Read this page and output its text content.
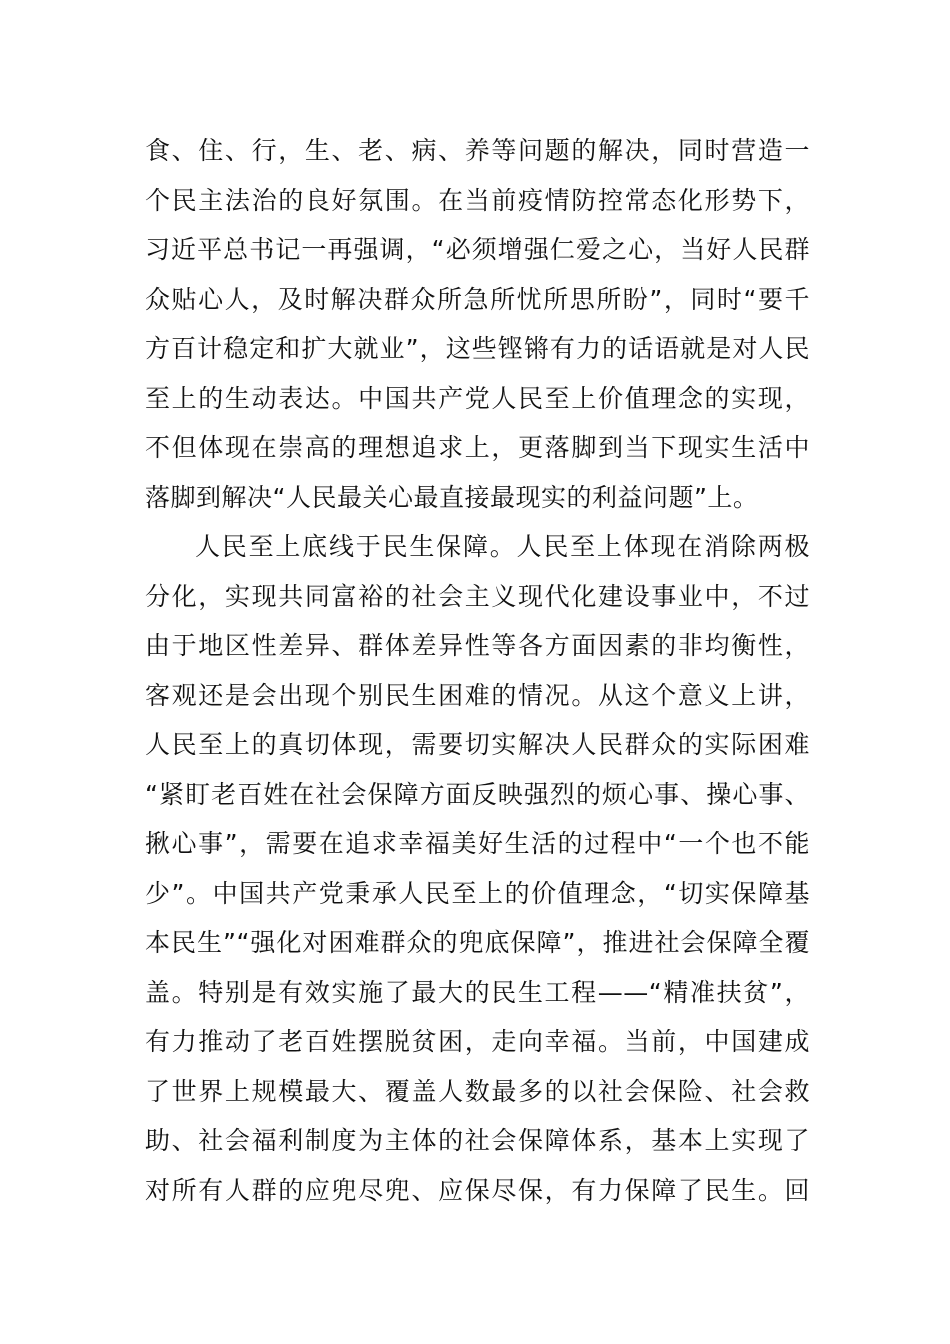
食、住、行，生、老、病、养等问题的解决，同时营造一
个民主法治的良好氛围。在当前疫情防控常态化形势下，
习近平总书记一再强调，“必须增强仁爱之心，当好人民群
众贴心人，及时解决群众所急所忧所思所盼”，同时“要千
方百计稳定和扩大就业”，这些铿锵有力的话语就是对人民
至上的生动表达。中国共产党人民至上价值理念的实现，
不但体现在崇高的理想追求上，更落脚到当下现实生活中
落脚到解决“人民最关心最直接最现实的利益问题”上。
人民至上底线于民生保障。人民至上体现在消除两极
分化，实现共同富裕的社会主义现代化建设事业中，不过
由于地区性差异、群体差异性等各方面因素的非均衡性，
客观还是会出现个别民生困难的情况。从这个意义上讲，
人民至上的真切体现，需要切实解决人民群众的实际困难
“紧盯老百姓在社会保障方面反映强烈的烦心事、操心事、
揪心事”，需要在追求幸福美好生活的过程中“一个也不能
少”。中国共产党秉承人民至上的价值理念，“切实保障基
本民生”“强化对困难群众的兜底保障”，推进社会保障全覆
盖。特别是有效实施了最大的民生工程——“精准扶贫”，
有力推动了老百姓摆脱贫困，走向幸福。当前，中国建成
了世界上规模最大、覆盖人数最多的以社会保险、社会救
助、社会福利制度为主体的社会保障体系，基本上实现了
对所有人群的应兜尽兜、应保尽保，有力保障了民生。回
